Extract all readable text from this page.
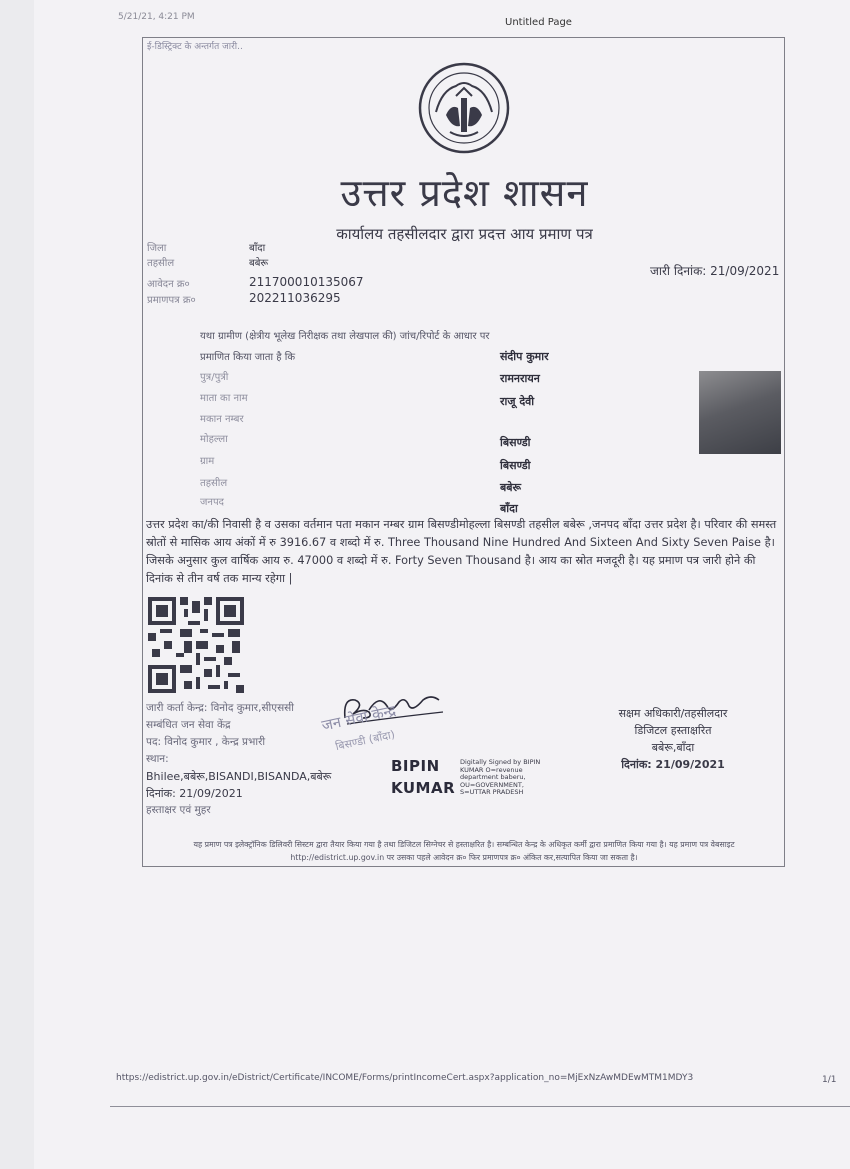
5/21/21, 4:21 PM	Untitled Page
ई-डिस्ट्रिक्ट के अन्तर्गत जारी..
उत्तर प्रदेश शासन
कार्यालय तहसीलदार द्वारा प्रदत्त आय प्रमाण पत्र
जिला	बाँदा
तहसील	बबेरू
आवेदन क्र०	211700010135067
प्रमाणपत्र क्र०	202211036295
जारी दिनांक: 21/09/2021
यथा ग्रामीण (क्षेत्रीय भूलेख निरीक्षक तथा लेखपाल की) जांच/रिपोर्ट के आधार पर
प्रमाणित किया जाता है कि	संदीप कुमार
पुत्र/पुत्री	रामनरायन
माता का नाम	राजू देवी
मकान नम्बर
मोहल्ला	बिसण्डी
ग्राम	बिसण्डी
तहसील	बबेरू
जनपद	बाँदा
उत्तर प्रदेश का/की निवासी है व उसका वर्तमान पता मकान नम्बर ग्राम बिसण्डीमोहल्ला बिसण्डी तहसील बबेरू ,जनपद बाँदा उत्तर प्रदेश है। परिवार की समस्त स्रोतों से मासिक आय अंकों में रु 3916.67 व शब्दो में रु. Three Thousand Nine Hundred And Sixteen And Sixty Seven Paise है। जिसके अनुसार कुल वार्षिक आय रु. 47000 व शब्दो में रु. Forty Seven Thousand है। आय का स्रोत मजदूरी है। यह प्रमाण पत्र जारी होने की दिनांक से तीन वर्ष तक मान्य रहेगा |
जारी कर्ता केन्द्र: विनोद कुमार,सीएससी
सम्बंधित जन सेवा केंद्र
पद: विनोद कुमार , केन्द्र प्रभारी
स्थान:
Bhilee,बबेरू,BISANDI,BISANDA,बबेरू
दिनांक: 21/09/2021
हस्ताक्षर एवं मुहर
जन सेवा केन्द्र
बिसण्डी (बाँदा)
BIPIN
KUMAR
Digitally Signed by BIPIN
KUMAR O=revenue
department baberu,
OU=GOVERNMENT,
S=UTTAR PRADESH
सक्षम अधिकारी/तहसीलदार
डिजिटल हस्ताक्षरित
बबेरू,बाँदा
दिनांक: 21/09/2021
यह प्रमाण पत्र इलेक्ट्रॉनिक डिलिवरी सिस्टम द्वारा तैयार किया गया है तथा डिजिटल सिग्नेचर से हस्ताक्षरित है। सम्बन्धित केन्द्र के अधिकृत कर्मी द्वारा प्रमाणित किया गया है। यह प्रमाण पत्र वेबसाइट http://edistrict.up.gov.in पर उसका पहले आवेदन क्र० फिर प्रमाणपत्र क्र० अंकित कर,सत्यापित किया जा सकता है।
https://edistrict.up.gov.in/eDistrict/Certificate/INCOME/Forms/printIncomeCert.aspx?application_no=MjExNzAwMDEwMTM1MDY3	1/1
